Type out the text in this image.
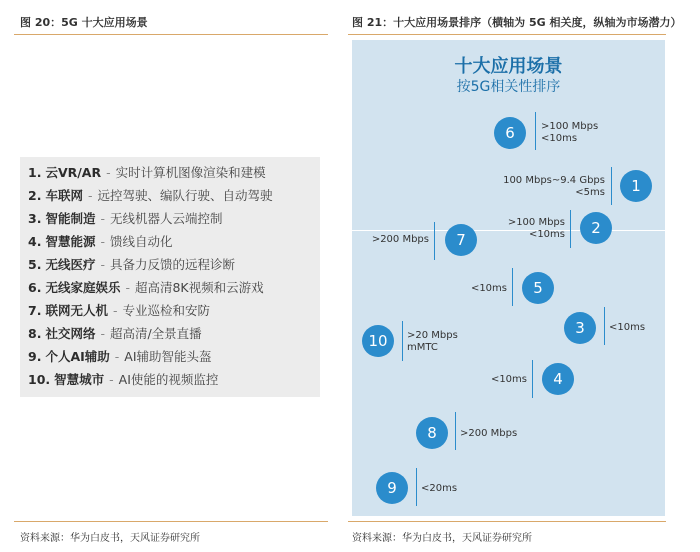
图 20：5G 十大应用场景
1. 云VR/AR - 实时计算机图像渲染和建模
2. 车联网 - 远控驾驶、编队行驶、自动驾驶
3. 智能制造 - 无线机器人云端控制
4. 智慧能源 - 馈线自动化
5. 无线医疗 - 具备力反馈的远程诊断
6. 无线家庭娱乐 - 超高清8K视频和云游戏
7. 联网无人机 - 专业巡检和安防
8. 社交网络 - 超高清/全景直播
9. 个人AI辅助 - AI辅助智能头盔
10. 智慧城市 - AI使能的视频监控
资料来源：华为白皮书，天风证券研究所
图 21：十大应用场景排序（横轴为 5G 相关度，纵轴为市场潜力）
十大应用场景
按5G相关性排序
6	>100 Mbps
<10ms
1
100 Mbps~9.4 Gbps
<5ms
2
>100 Mbps
<10ms
7
>200 Mbps
5
<10ms
3	<10ms
10	>20 Mbps
mMTC
4
<10ms
8	>200 Mbps
9	<20ms
资料来源：华为白皮书，天风证券研究所
